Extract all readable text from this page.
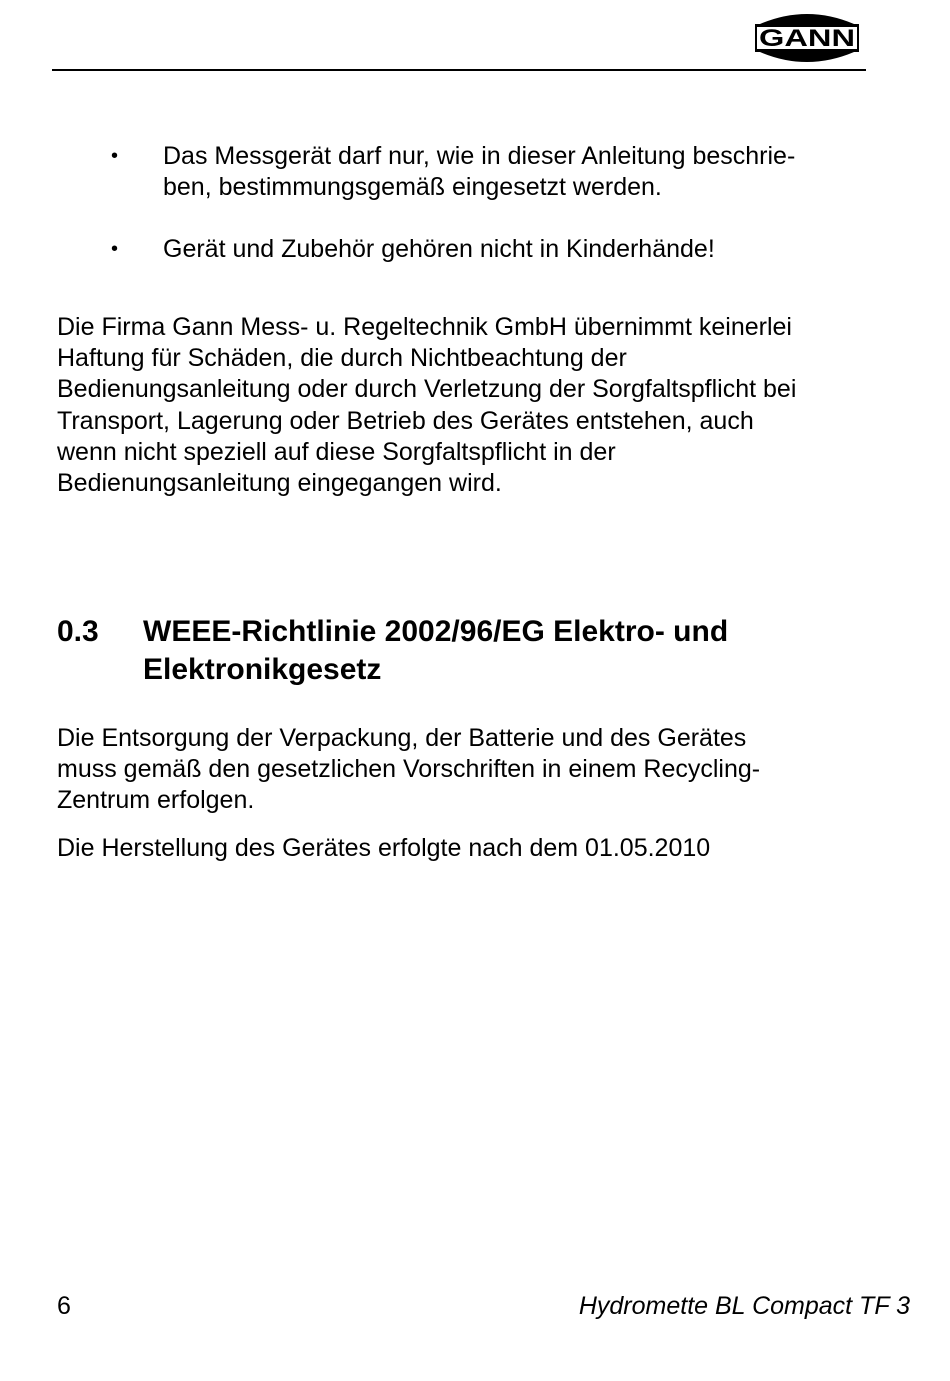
GANN
• Das Messgerät darf nur, wie in dieser Anleitung beschrie-
ben, bestimmungsgemäß eingesetzt werden.
• Gerät und Zubehör gehören nicht in Kinderhände!

Die Firma Gann Mess- u. Regeltechnik GmbH übernimmt keinerlei
Haftung für Schäden, die durch Nichtbeachtung der
Bedienungsanleitung oder durch Verletzung der Sorgfaltspflicht bei
Transport, Lagerung oder Betrieb des Gerätes entstehen, auch
wenn nicht speziell auf diese Sorgfaltspflicht in der
Bedienungsanleitung eingegangen wird.

0.3 WEEE-Richtlinie 2002/96/EG Elektro- und
Elektronikgesetz

Die Entsorgung der Verpackung, der Batterie und des Gerätes
muss gemäß den gesetzlichen Vorschriften in einem Recycling-
Zentrum erfolgen.

Die Herstellung des Gerätes erfolgte nach dem 01.05.2010

6	Hydromette BL Compact TF 3
